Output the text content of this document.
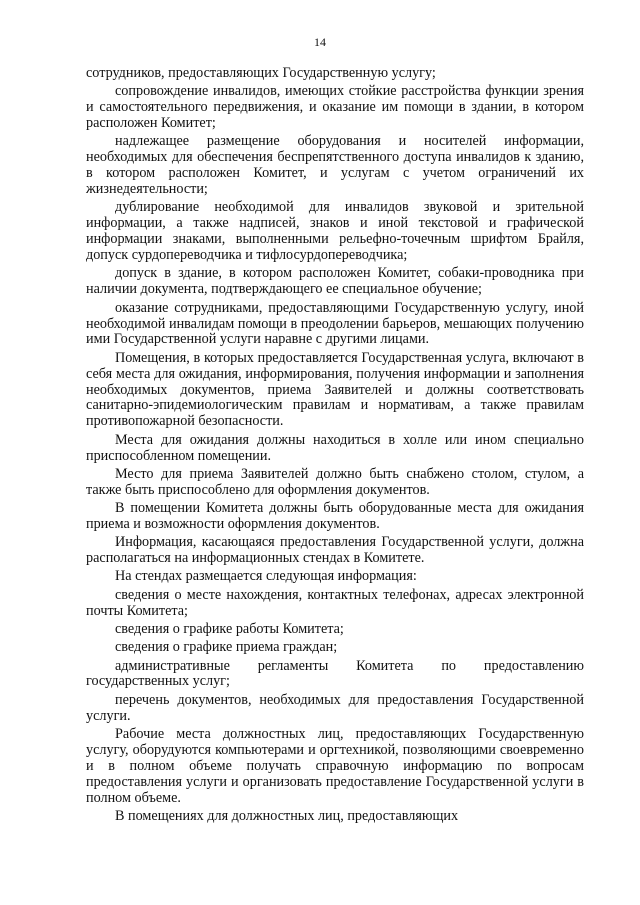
14

сотрудников, предоставляющих Государственную услугу;

сопровождение инвалидов, имеющих стойкие расстройства функции зрения и самостоятельного передвижения, и оказание им помощи в здании, в котором расположен Комитет;

надлежащее размещение оборудования и носителей информации, необходимых для обеспечения беспрепятственного доступа инвалидов к зданию, в котором расположен Комитет, и услугам с учетом ограничений их жизнедеятельности;

дублирование необходимой для инвалидов звуковой и зрительной информации, а также надписей, знаков и иной текстовой и графической информации знаками, выполненными рельефно-точечным шрифтом Брайля, допуск сурдопереводчика и тифлосурдопереводчика;

допуск в здание, в котором расположен Комитет, собаки-проводника при наличии документа, подтверждающего ее специальное обучение;

оказание сотрудниками, предоставляющими Государственную услугу, иной необходимой инвалидам помощи в преодолении барьеров, мешающих получению ими Государственной услуги наравне с другими лицами.

Помещения, в которых предоставляется Государственная услуга, включают в себя места для ожидания, информирования, получения информации и заполнения необходимых документов, приема Заявителей и должны соответствовать санитарно-эпидемиологическим правилам и нормативам, а также правилам противопожарной безопасности.

Места для ожидания должны находиться в холле или ином специально приспособленном помещении.

Место для приема Заявителей должно быть снабжено столом, стулом, а также быть приспособлено для оформления документов.

В помещении Комитета должны быть оборудованные места для ожидания приема и возможности оформления документов.

Информация, касающаяся предоставления Государственной услуги, должна располагаться на информационных стендах в Комитете.

На стендах размещается следующая информация:

сведения о месте нахождения, контактных телефонах, адресах электронной почты Комитета;

сведения о графике работы Комитета;

сведения о графике приема граждан;

административные регламенты Комитета по предоставлению государственных услуг;

перечень документов, необходимых для предоставления Государственной услуги.

Рабочие места должностных лиц, предоставляющих Государственную услугу, оборудуются компьютерами и оргтехникой, позволяющими своевременно и в полном объеме получать справочную информацию по вопросам предоставления услуги и организовать предоставление Государственной услуги в полном объеме.

В помещениях для должностных лиц, предоставляющих
